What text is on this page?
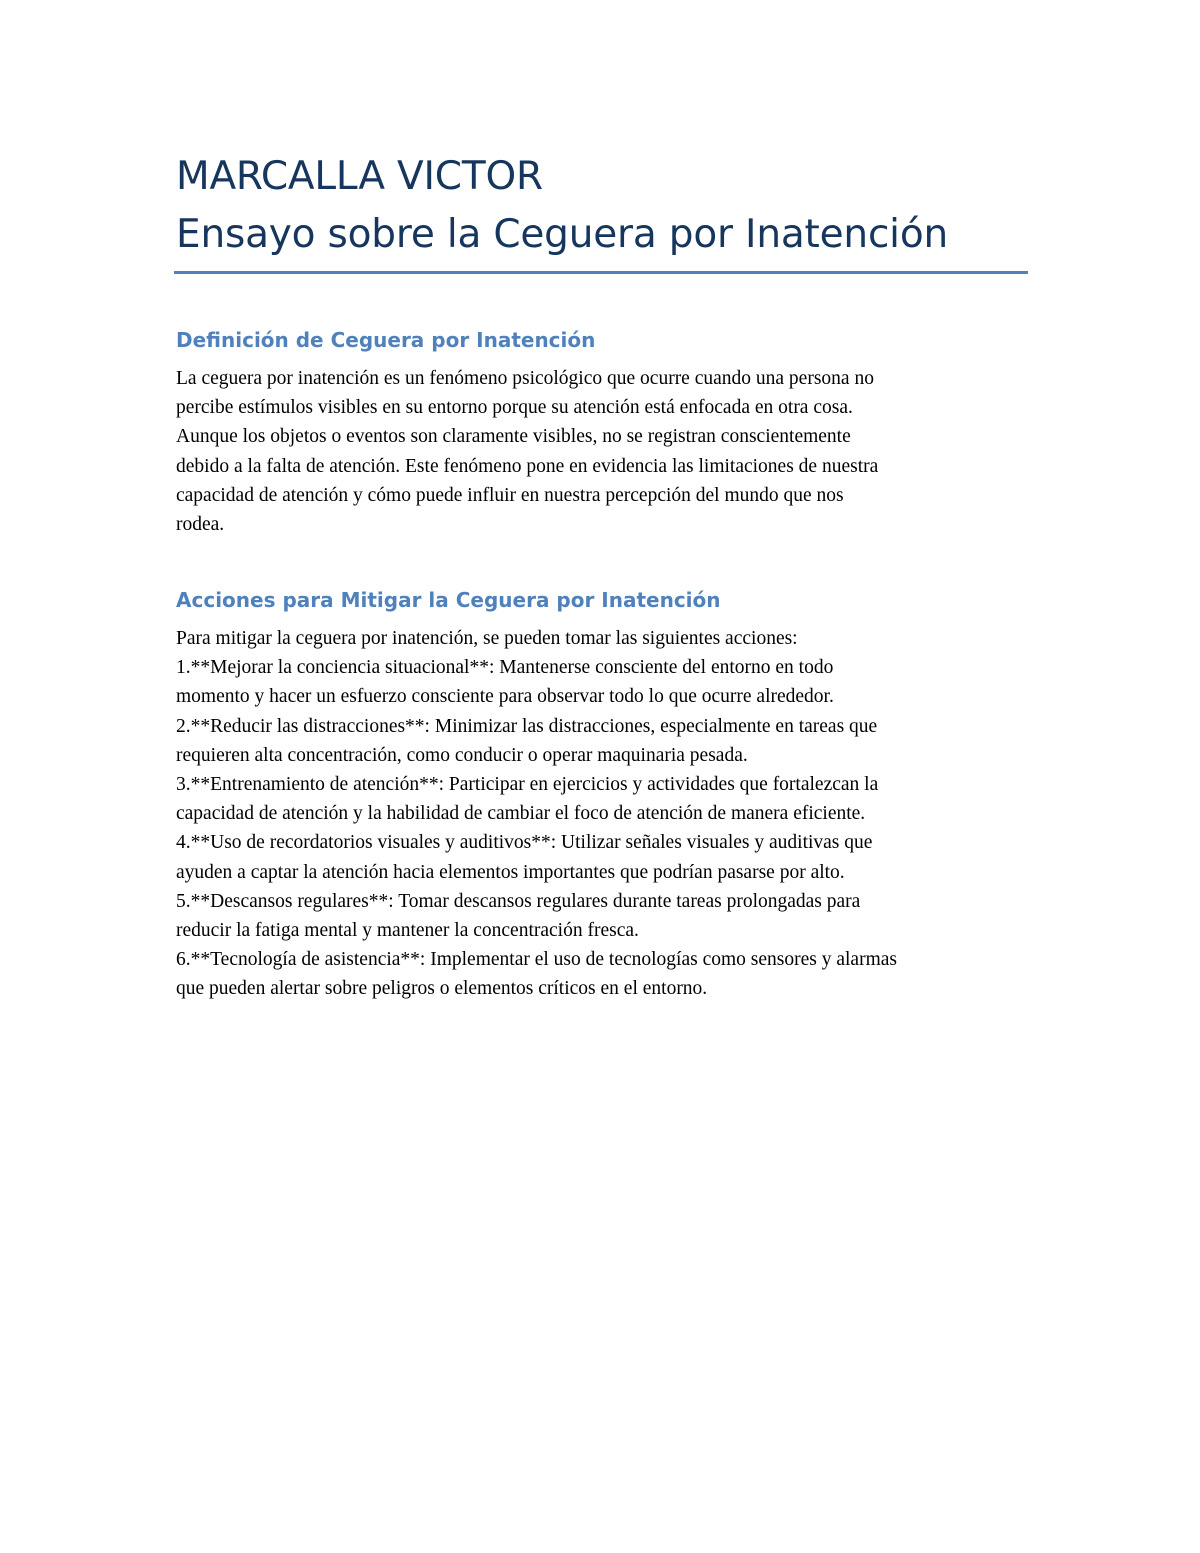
MARCALLA VICTOR
Ensayo sobre la Ceguera por Inatención
Definición de Ceguera por Inatención

La ceguera por inatención es un fenómeno psicológico que ocurre cuando una persona no
percibe estímulos visibles en su entorno porque su atención está enfocada en otra cosa.
Aunque los objetos o eventos son claramente visibles, no se registran conscientemente
debido a la falta de atención. Este fenómeno pone en evidencia las limitaciones de nuestra
capacidad de atención y cómo puede influir en nuestra percepción del mundo que nos
rodea.

Acciones para Mitigar la Ceguera por Inatención

Para mitigar la ceguera por inatención, se pueden tomar las siguientes acciones:
1.**Mejorar la conciencia situacional**: Mantenerse consciente del entorno en todo
momento y hacer un esfuerzo consciente para observar todo lo que ocurre alrededor.
2.**Reducir las distracciones**: Minimizar las distracciones, especialmente en tareas que
requieren alta concentración, como conducir o operar maquinaria pesada.
3.**Entrenamiento de atención**: Participar en ejercicios y actividades que fortalezcan la
capacidad de atención y la habilidad de cambiar el foco de atención de manera eficiente.
4.**Uso de recordatorios visuales y auditivos**: Utilizar señales visuales y auditivas que
ayuden a captar la atención hacia elementos importantes que podrían pasarse por alto.
5.**Descansos regulares**: Tomar descansos regulares durante tareas prolongadas para
reducir la fatiga mental y mantener la concentración fresca.
6.**Tecnología de asistencia**: Implementar el uso de tecnologías como sensores y alarmas
que pueden alertar sobre peligros o elementos críticos en el entorno.
